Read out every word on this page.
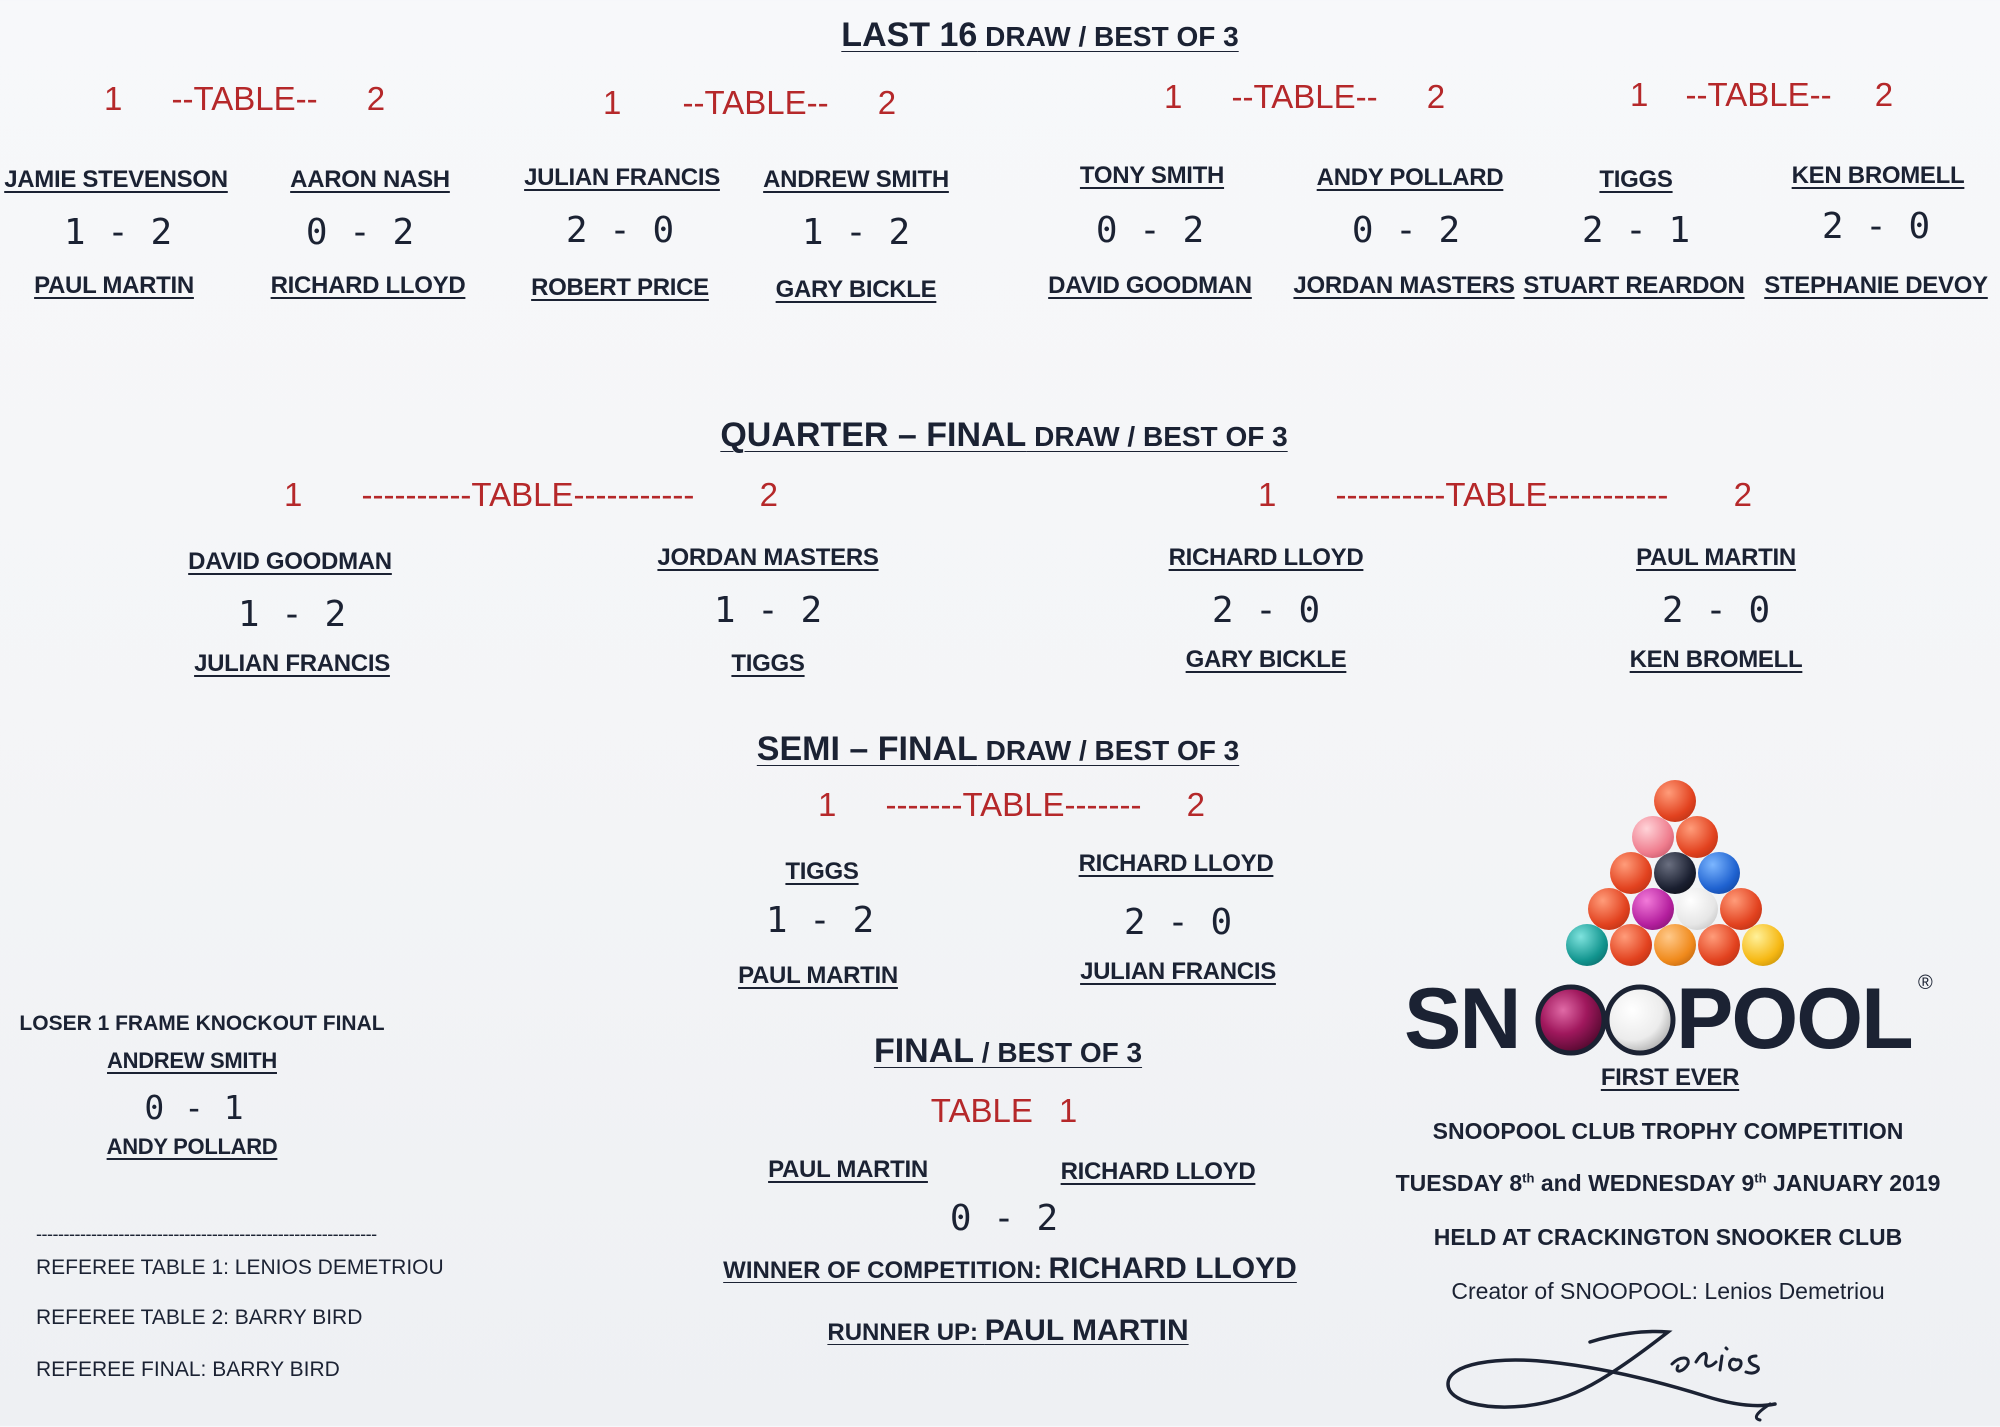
LAST 16 DRAW / BEST OF 3
1 --TABLE-- 2	1 --TABLE-- 2	1 --TABLE-- 2	1 --TABLE-- 2
JAMIE STEVENSON
1 - 2
PAUL MARTIN
AARON NASH
0 - 2
RICHARD LLOYD
JULIAN FRANCIS
2 - 0
ROBERT PRICE
ANDREW SMITH
1 - 2
GARY BICKLE
TONY SMITH
0 - 2
DAVID GOODMAN
ANDY POLLARD
0 - 2
JORDAN MASTERS
TIGGS
2 - 1
STUART REARDON
KEN BROMELL
2 - 0
STEPHANIE DEVOY
QUARTER – FINAL DRAW / BEST OF 3
1 ----------TABLE----------- 2	1 ----------TABLE----------- 2
DAVID GOODMAN
1 - 2
JULIAN FRANCIS
JORDAN MASTERS
1 - 2
TIGGS
RICHARD LLOYD
2 - 0
GARY BICKLE
PAUL MARTIN
2 - 0
KEN BROMELL
SEMI – FINAL DRAW / BEST OF 3
1 -------TABLE------- 2
TIGGS
1 - 2
PAUL MARTIN
RICHARD LLOYD
2 - 0
JULIAN FRANCIS
FINAL / BEST OF 3
TABLE 1
PAUL MARTIN	RICHARD LLOYD
0 - 2
WINNER OF COMPETITION: RICHARD LLOYD
RUNNER UP: PAUL MARTIN
LOSER 1 FRAME KNOCKOUT FINAL
ANDREW SMITH
0 - 1
ANDY POLLARD
--------------------------------------------------------------
REFEREE TABLE 1: LENIOS DEMETRIOU
REFEREE TABLE 2: BARRY BIRD
REFEREE FINAL: BARRY BIRD
SN POOL ®
FIRST EVER
SNOOPOOL CLUB TROPHY COMPETITION
TUESDAY 8th and WEDNESDAY 9th JANUARY 2019
HELD AT CRACKINGTON SNOOKER CLUB
Creator of SNOOPOOL: Lenios Demetriou
